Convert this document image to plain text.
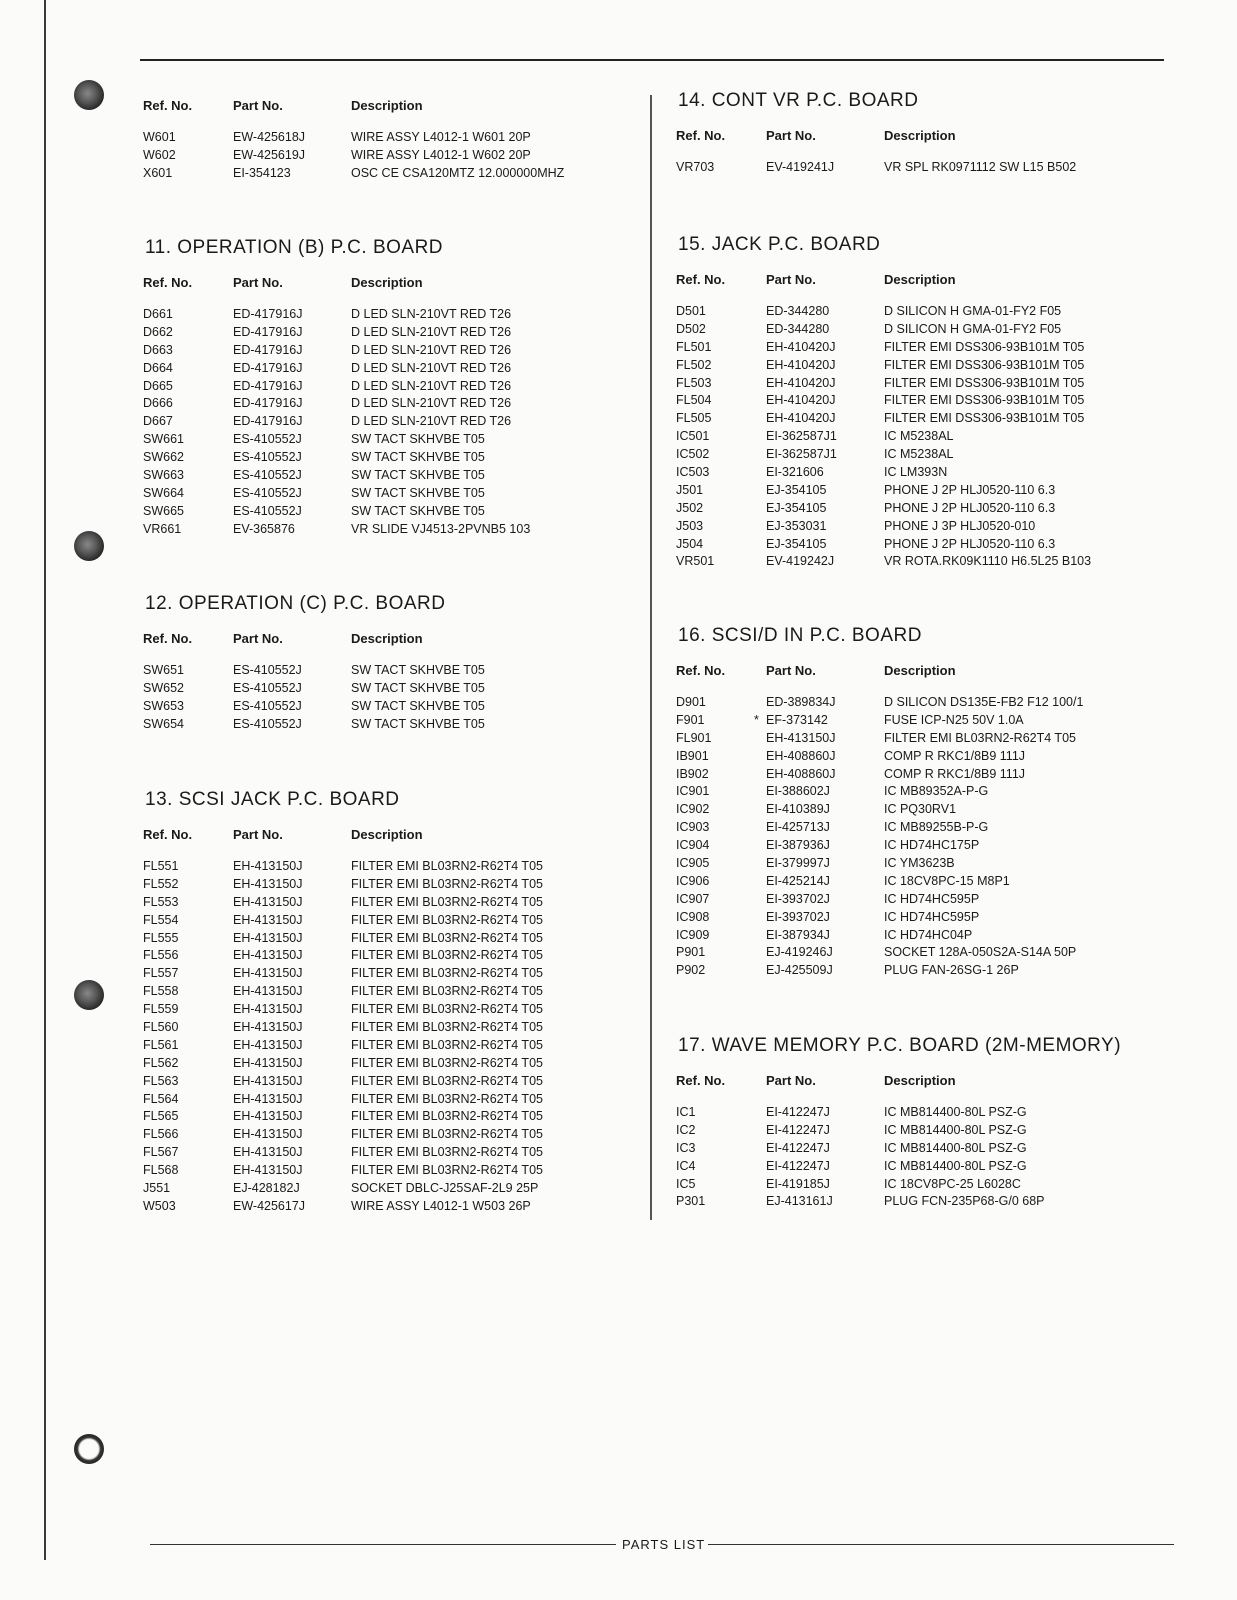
Ref. No.	Part No.	Description
W601	EW-425618J	WIRE ASSY L4012-1 W601 20P
W602	EW-425619J	WIRE ASSY L4012-1 W602 20P
X601	EI-354123	OSC CE CSA120MTZ 12.000000MHZ
11. OPERATION (B) P.C. BOARD
Ref. No.	Part No.	Description
D661	ED-417916J	D LED SLN-210VT RED T26
D662	ED-417916J	D LED SLN-210VT RED T26
D663	ED-417916J	D LED SLN-210VT RED T26
D664	ED-417916J	D LED SLN-210VT RED T26
D665	ED-417916J	D LED SLN-210VT RED T26
D666	ED-417916J	D LED SLN-210VT RED T26
D667	ED-417916J	D LED SLN-210VT RED T26
SW661	ES-410552J	SW TACT SKHVBE T05
SW662	ES-410552J	SW TACT SKHVBE T05
SW663	ES-410552J	SW TACT SKHVBE T05
SW664	ES-410552J	SW TACT SKHVBE T05
SW665	ES-410552J	SW TACT SKHVBE T05
VR661	EV-365876	VR SLIDE VJ4513-2PVNB5 103
12. OPERATION (C) P.C. BOARD
Ref. No.	Part No.	Description
SW651	ES-410552J	SW TACT SKHVBE T05
SW652	ES-410552J	SW TACT SKHVBE T05
SW653	ES-410552J	SW TACT SKHVBE T05
SW654	ES-410552J	SW TACT SKHVBE T05
13. SCSI JACK P.C. BOARD
Ref. No.	Part No.	Description
FL551	EH-413150J	FILTER EMI BL03RN2-R62T4 T05
FL552	EH-413150J	FILTER EMI BL03RN2-R62T4 T05
FL553	EH-413150J	FILTER EMI BL03RN2-R62T4 T05
FL554	EH-413150J	FILTER EMI BL03RN2-R62T4 T05
FL555	EH-413150J	FILTER EMI BL03RN2-R62T4 T05
FL556	EH-413150J	FILTER EMI BL03RN2-R62T4 T05
FL557	EH-413150J	FILTER EMI BL03RN2-R62T4 T05
FL558	EH-413150J	FILTER EMI BL03RN2-R62T4 T05
FL559	EH-413150J	FILTER EMI BL03RN2-R62T4 T05
FL560	EH-413150J	FILTER EMI BL03RN2-R62T4 T05
FL561	EH-413150J	FILTER EMI BL03RN2-R62T4 T05
FL562	EH-413150J	FILTER EMI BL03RN2-R62T4 T05
FL563	EH-413150J	FILTER EMI BL03RN2-R62T4 T05
FL564	EH-413150J	FILTER EMI BL03RN2-R62T4 T05
FL565	EH-413150J	FILTER EMI BL03RN2-R62T4 T05
FL566	EH-413150J	FILTER EMI BL03RN2-R62T4 T05
FL567	EH-413150J	FILTER EMI BL03RN2-R62T4 T05
FL568	EH-413150J	FILTER EMI BL03RN2-R62T4 T05
J551	EJ-428182J	SOCKET DBLC-J25SAF-2L9 25P
W503	EW-425617J	WIRE ASSY L4012-1 W503 26P
14. CONT VR P.C. BOARD
Ref. No.	Part No.	Description
VR703	EV-419241J	VR SPL RK0971112 SW L15 B502
15. JACK P.C. BOARD
Ref. No.	Part No.	Description
D501	ED-344280	D SILICON H GMA-01-FY2 F05
D502	ED-344280	D SILICON H GMA-01-FY2 F05
FL501	EH-410420J	FILTER EMI DSS306-93B101M T05
FL502	EH-410420J	FILTER EMI DSS306-93B101M T05
FL503	EH-410420J	FILTER EMI DSS306-93B101M T05
FL504	EH-410420J	FILTER EMI DSS306-93B101M T05
FL505	EH-410420J	FILTER EMI DSS306-93B101M T05
IC501	EI-362587J1	IC M5238AL
IC502	EI-362587J1	IC M5238AL
IC503	EI-321606	IC LM393N
J501	EJ-354105	PHONE J 2P HLJ0520-110 6.3
J502	EJ-354105	PHONE J 2P HLJ0520-110 6.3
J503	EJ-353031	PHONE J 3P HLJ0520-010
J504	EJ-354105	PHONE J 2P HLJ0520-110 6.3
VR501	EV-419242J	VR ROTA.RK09K1110 H6.5L25 B103
16. SCSI/D IN P.C. BOARD
Ref. No.	Part No.	Description
D901	ED-389834J	D SILICON DS135E-FB2 F12 100/1
F901	* EF-373142	FUSE ICP-N25 50V 1.0A
FL901	EH-413150J	FILTER EMI BL03RN2-R62T4 T05
IB901	EH-408860J	COMP R RKC1/8B9 111J
IB902	EH-408860J	COMP R RKC1/8B9 111J
IC901	EI-388602J	IC MB89352A-P-G
IC902	EI-410389J	IC PQ30RV1
IC903	EI-425713J	IC MB89255B-P-G
IC904	EI-387936J	IC HD74HC175P
IC905	EI-379997J	IC YM3623B
IC906	EI-425214J	IC 18CV8PC-15 M8P1
IC907	EI-393702J	IC HD74HC595P
IC908	EI-393702J	IC HD74HC595P
IC909	EI-387934J	IC HD74HC04P
P901	EJ-419246J	SOCKET 128A-050S2A-S14A 50P
P902	EJ-425509J	PLUG FAN-26SG-1 26P
17. WAVE MEMORY P.C. BOARD (2M-MEMORY)
Ref. No.	Part No.	Description
IC1	EI-412247J	IC MB814400-80L PSZ-G
IC2	EI-412247J	IC MB814400-80L PSZ-G
IC3	EI-412247J	IC MB814400-80L PSZ-G
IC4	EI-412247J	IC MB814400-80L PSZ-G
IC5	EI-419185J	IC 18CV8PC-25 L6028C
P301	EJ-413161J	PLUG FCN-235P68-G/0 68P
PARTS LIST
